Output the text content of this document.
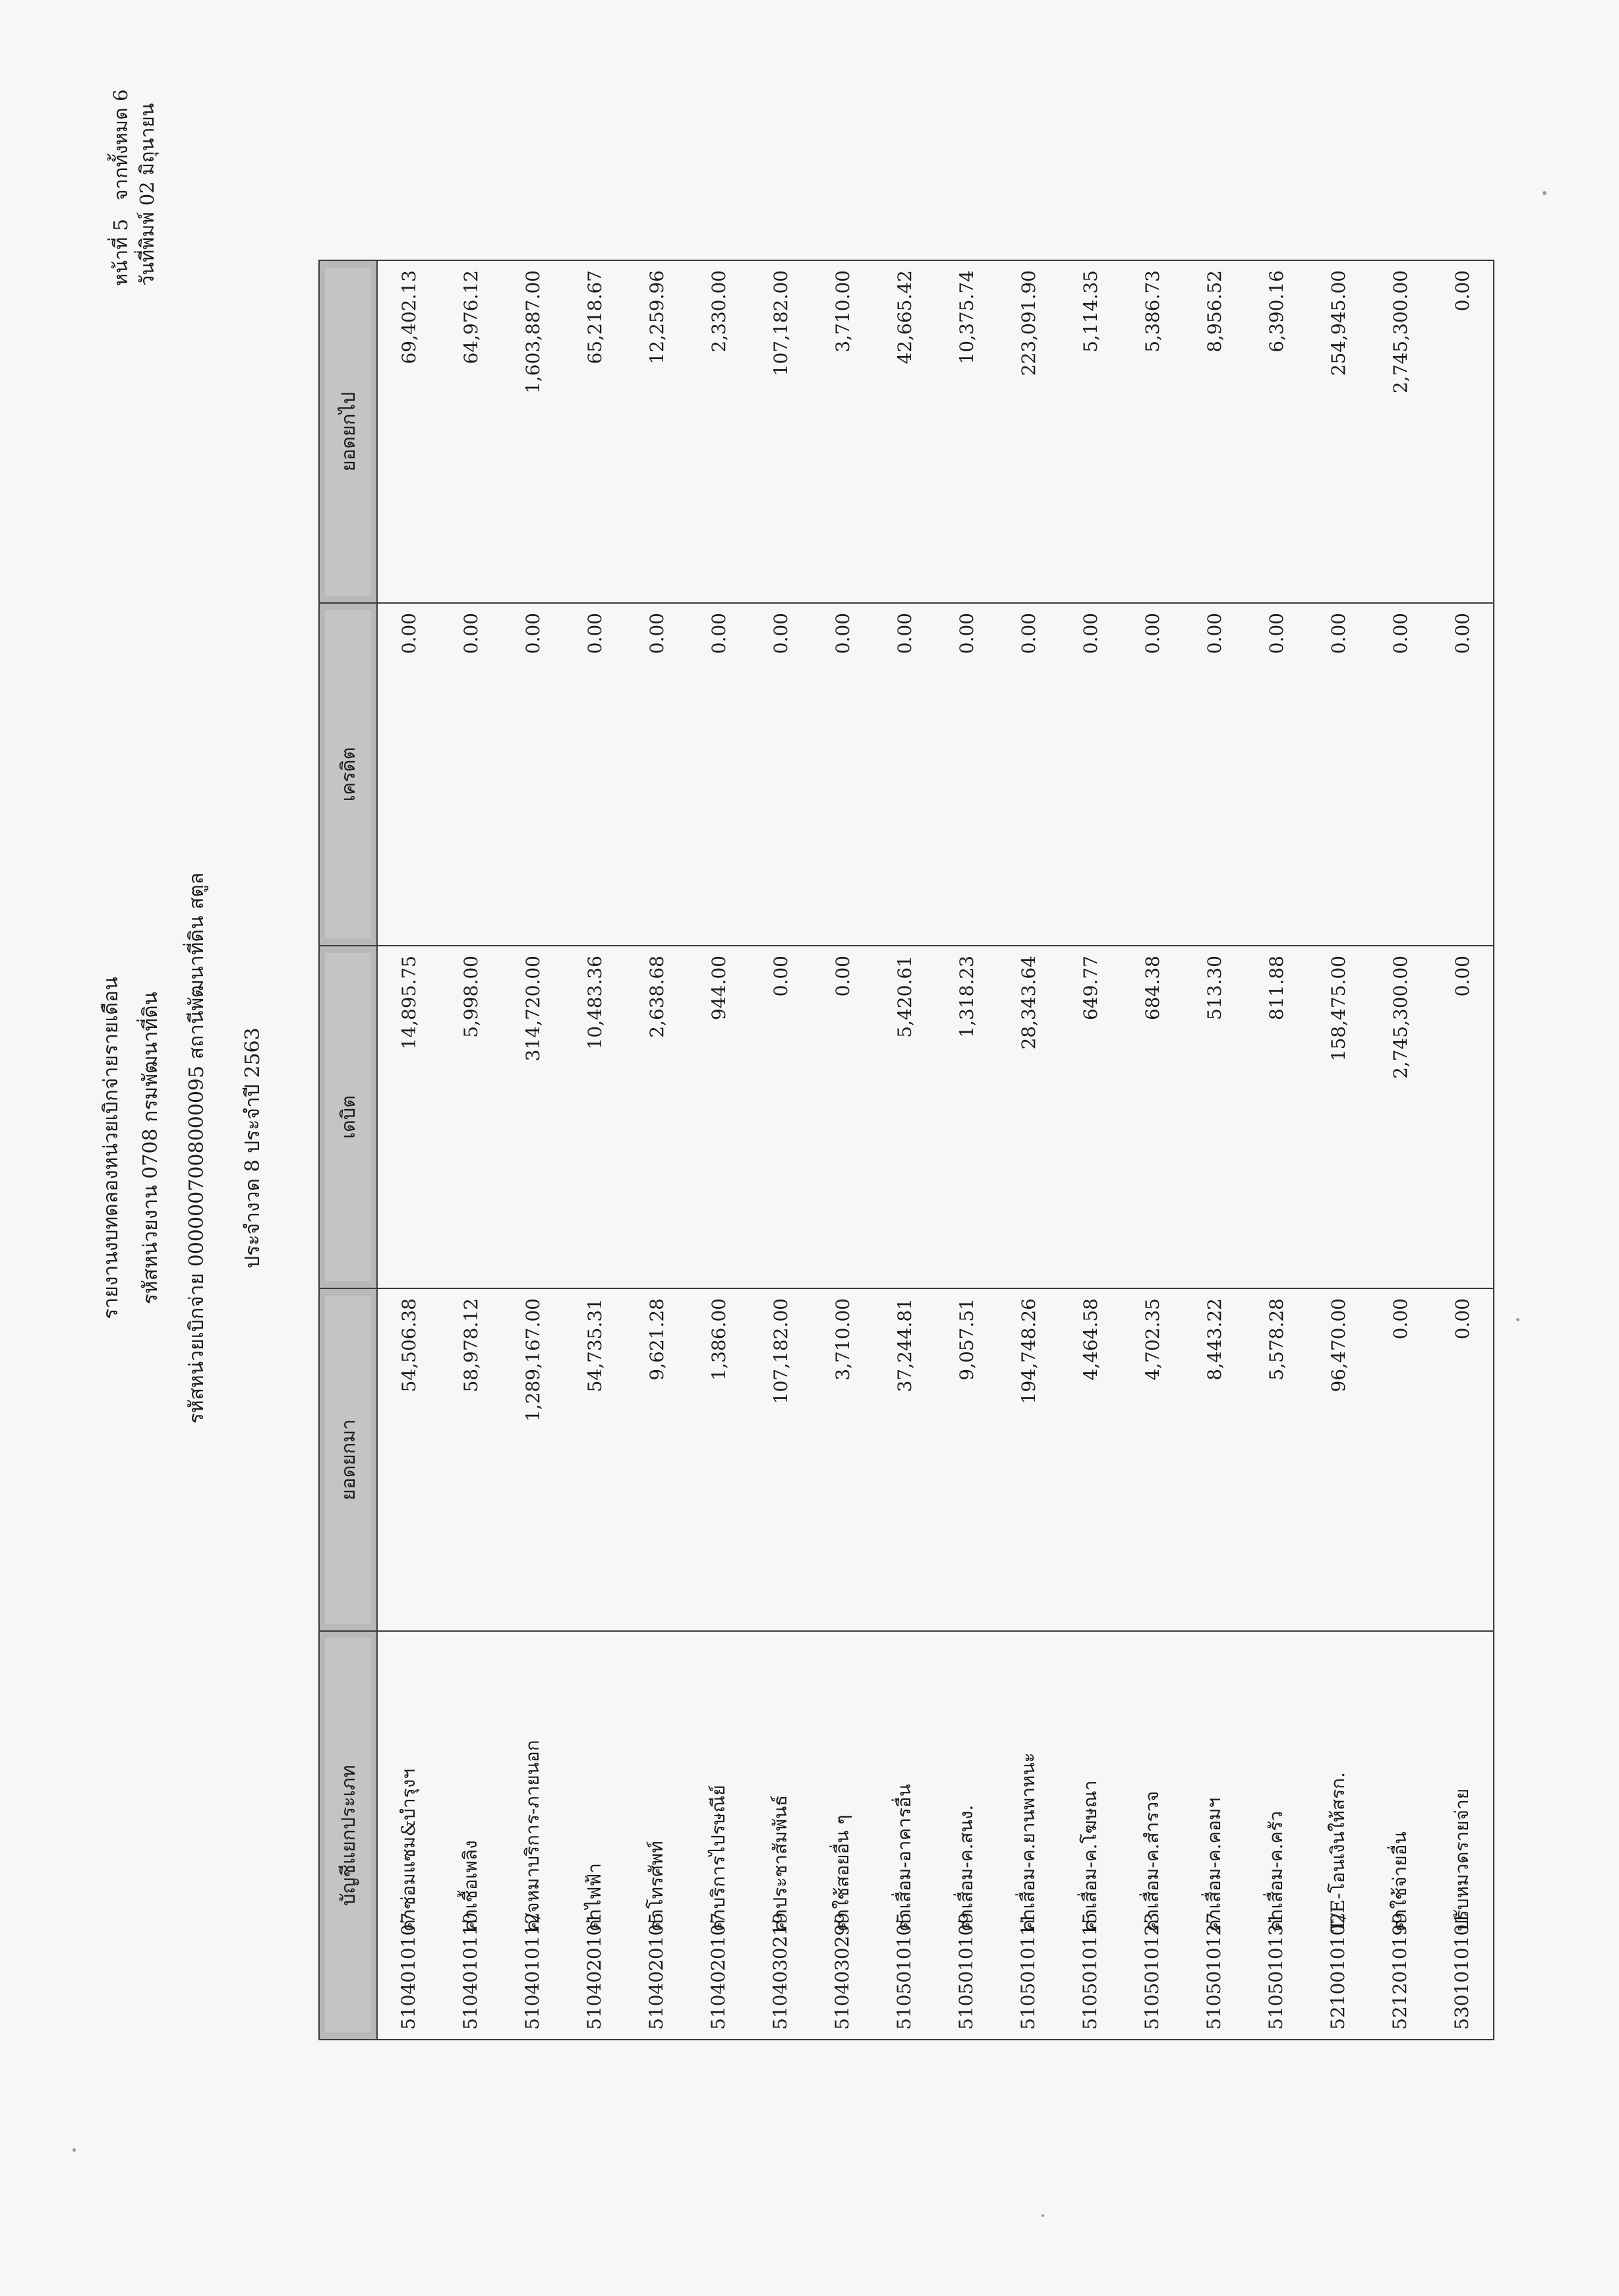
รายงานงบทดลองหน่วยเบิกจ่ายรายเดือน รหัสหน่วยงาน 0708 กรมพัฒนาที่ดิน รหัสหน่วยเบิกจ่าย 0000007008000095 สถานีพัฒนาที่ดิน สตูล ประจำงวด 8 ประจำปี 2563
หน้าที่ 5   จากทั้งหมด 6 วันที่พิมพ์ 02 มิถุนายน
บัญชีแยกประเภท	ยอดยกมา	เดบิต	เครดิต	ยอดยกไป

5104010107ค่าซ่อมแซม&บำรุงฯ	54,506.38	14,895.75	0.00	69,402.13
5104010110ค่าเชื้อเพลิง	58,978.12	5,998.00	0.00	64,976.12
5104010112ค/จหมาบริการ-ภายนอก	1,289,167.00	314,720.00	0.00	1,603,887.00
5104020101ค่าไฟฟ้า	54,735.31	10,483.36	0.00	65,218.67
5104020105ค่าโทรศัพท์	9,621.28	2,638.68	0.00	12,259.96
5104020107ค่าบริการไปรษณีย์	1,386.00	944.00	0.00	2,330.00
5104030219ค่าประชาสัมพันธ์	107,182.00	0.00	0.00	107,182.00
5104030299ค่าใช้สอยอื่น ๆ	3,710.00	0.00	0.00	3,710.00
5105010105ค่าเสื่อม-อาคารอื่น	37,244.81	5,420.61	0.00	42,665.42
5105010109ค่าเสื่อม-ค.สนง.	9,057.51	1,318.23	0.00	10,375.74
5105010111ค่าเสื่อม-ค.ยานพาหนะ	194,748.26	28,343.64	0.00	223,091.90
5105010115ค่าเสื่อม-ค.โฆษณา	4,464.58	649.77	0.00	5,114.35
5105010123ค่าเสื่อม-ค.สำรวจ	4,702.35	684.38	0.00	5,386.73
5105010127ค่าเสื่อม-ค.คอมฯ	8,443.22	513.30	0.00	8,956.52
5105010131ค่าเสื่อม-ค.ครัว	5,578.28	811.88	0.00	6,390.16
5210010102T/E-โอนเงินให้สรก.	96,470.00	158,475.00	0.00	254,945.00
5212010199ค่าใช้จ่ายอื่น	0.00	2,745,300.00	0.00	2,745,300.00
5301010101ปรับหมวดรายจ่าย	0.00	0.00	0.00	0.00
